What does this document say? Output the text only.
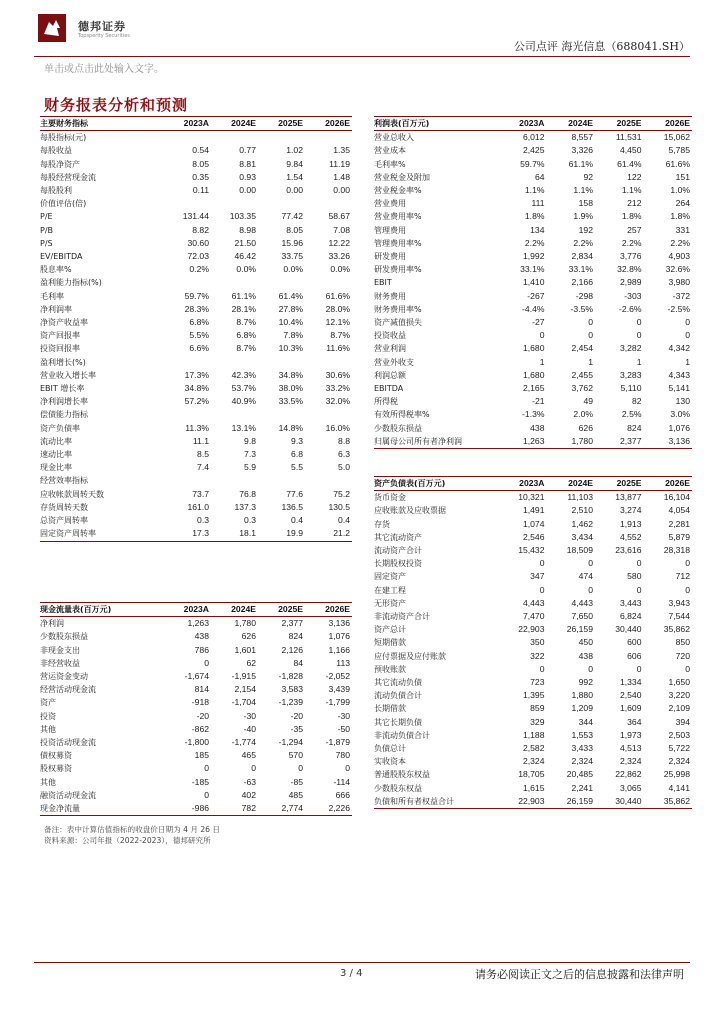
德邦证券
Topsperity Securities
公司点评 海光信息（688041.SH）
单击或点击此处输入文字。
财务报表分析和预测
主要财务指标	2023A	2024E	2025E	2026E
每股指标(元)				
每股收益	0.54	0.77	1.02	1.35
每股净资产	8.05	8.81	9.84	11.19
每股经营现金流	0.35	0.93	1.54	1.48
每股股利	0.11	0.00	0.00	0.00
价值评估(倍)				
P/E	131.44	103.35	77.42	58.67
P/B	8.82	8.98	8.05	7.08
P/S	30.60	21.50	15.96	12.22
EV/EBITDA	72.03	46.42	33.75	33.26
股息率%	0.2%	0.0%	0.0%	0.0%
盈利能力指标(%)				
毛利率	59.7%	61.1%	61.4%	61.6%
净利润率	28.3%	28.1%	27.8%	28.0%
净资产收益率	6.8%	8.7%	10.4%	12.1%
资产回报率	5.5%	6.8%	7.8%	8.7%
投资回报率	6.6%	8.7%	10.3%	11.6%
盈利增长(%)				
营业收入增长率	17.3%	42.3%	34.8%	30.6%
EBIT 增长率	34.8%	53.7%	38.0%	33.2%
净利润增长率	57.2%	40.9%	33.5%	32.0%
偿债能力指标				
资产负债率	11.3%	13.1%	14.8%	16.0%
流动比率	11.1	9.8	9.3	8.8
速动比率	8.5	7.3	6.8	6.3
现金比率	7.4	5.9	5.5	5.0
经营效率指标				
应收帐款周转天数	73.7	76.8	77.6	75.2
存货周转天数	161.0	137.3	136.5	130.5
总资产周转率	0.3	0.3	0.4	0.4
固定资产周转率	17.3	18.1	19.9	21.2
利润表(百万元)	2023A	2024E	2025E	2026E
营业总收入	6,012	8,557	11,531	15,062
营业成本	2,425	3,326	4,450	5,785
毛利率%	59.7%	61.1%	61.4%	61.6%
营业税金及附加	64	92	122	151
营业税金率%	1.1%	1.1%	1.1%	1.0%
营业费用	111	158	212	264
营业费用率%	1.8%	1.9%	1.8%	1.8%
管理费用	134	192	257	331
管理费用率%	2.2%	2.2%	2.2%	2.2%
研发费用	1,992	2,834	3,776	4,903
研发费用率%	33.1%	33.1%	32.8%	32.6%
EBIT	1,410	2,166	2,989	3,980
财务费用	-267	-298	-303	-372
财务费用率%	-4.4%	-3.5%	-2.6%	-2.5%
资产减值损失	-27	0	0	0
投资收益	0	0	0	0
营业利润	1,680	2,454	3,282	4,342
营业外收支	1	1	1	1
利润总额	1,680	2,455	3,283	4,343
EBITDA	2,165	3,762	5,110	5,141
所得税	-21	49	82	130
有效所得税率%	-1.3%	2.0%	2.5%	3.0%
少数股东损益	438	626	824	1,076
归属母公司所有者净利润	1,263	1,780	2,377	3,136
资产负债表(百万元)	2023A	2024E	2025E	2026E
货币资金	10,321	11,103	13,877	16,104
应收账款及应收票据	1,491	2,510	3,274	4,054
存货	1,074	1,462	1,913	2,281
其它流动资产	2,546	3,434	4,552	5,879
流动资产合计	15,432	18,509	23,616	28,318
长期股权投资	0	0	0	0
固定资产	347	474	580	712
在建工程	0	0	0	0
无形资产	4,443	4,443	3,443	3,943
非流动资产合计	7,470	7,650	6,824	7,544
资产总计	22,903	26,159	30,440	35,862
短期借款	350	450	600	850
应付票据及应付账款	322	438	606	720
预收账款	0	0	0	0
其它流动负债	723	992	1,334	1,650
流动负债合计	1,395	1,880	2,540	3,220
长期借款	859	1,209	1,609	2,109
其它长期负债	329	344	364	394
非流动负债合计	1,188	1,553	1,973	2,503
负债总计	2,582	3,433	4,513	5,722
实收资本	2,324	2,324	2,324	2,324
普通股股东权益	18,705	20,485	22,862	25,998
少数股东权益	1,615	2,241	3,065	4,141
负债和所有者权益合计	22,903	26,159	30,440	35,862
现金流量表(百万元)	2023A	2024E	2025E	2026E
净利润	1,263	1,780	2,377	3,136
少数股东损益	438	626	824	1,076
非现金支出	786	1,601	2,126	1,166
非经营收益	0	62	84	113
营运资金变动	-1,674	-1,915	-1,828	-2,052
经营活动现金流	814	2,154	3,583	3,439
资产	-918	-1,704	-1,239	-1,799
投资	-20	-30	-20	-30
其他	-862	-40	-35	-50
投资活动现金流	-1,800	-1,774	-1,294	-1,879
债权募资	185	465	570	780
股权募资	0	0	0	0
其他	-185	-63	-85	-114
融资活动现金流	0	402	485	666
现金净流量	-986	782	2,774	2,226
备注：表中计算估值指标的收盘价日期为 4 月 26 日
资料来源：公司年报（2022-2023），德邦研究所
3 / 4	请务必阅读正文之后的信息披露和法律声明
